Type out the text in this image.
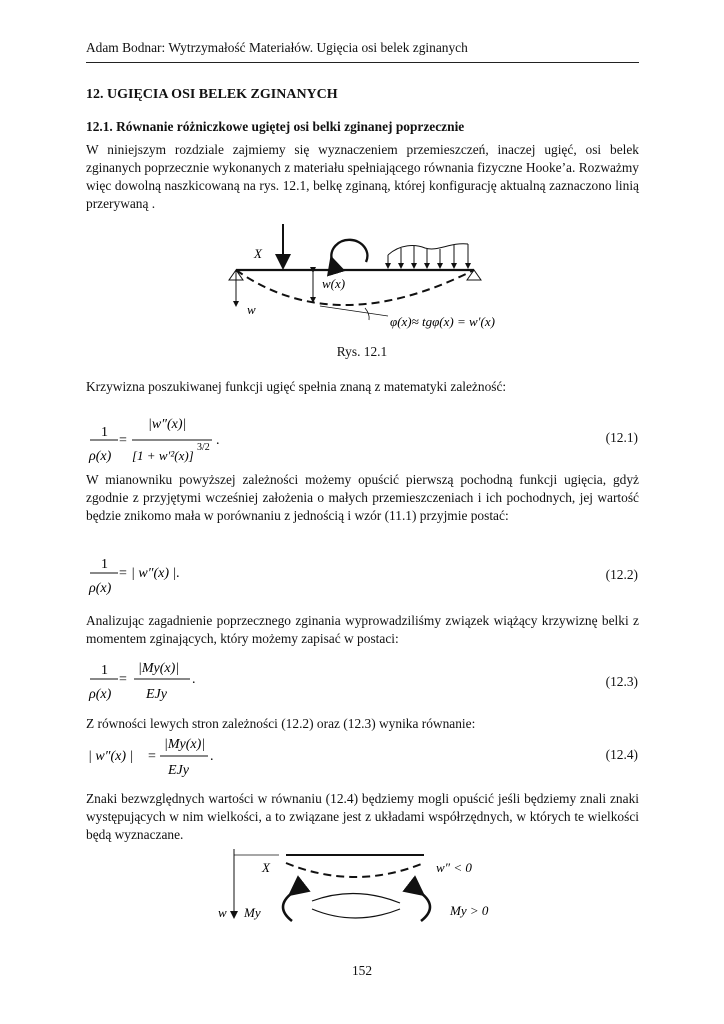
Adam Bodnar: Wytrzymałość Materiałów. Ugięcia osi belek zginanych
12. UGIĘCIA OSI BELEK ZGINANYCH
12.1. Równanie różniczkowe ugiętej osi belki zginanej poprzecznie
W niniejszym rozdziale zajmiemy się wyznaczeniem przemieszczeń, inaczej ugięć, osi belek zginanych poprzecznie wykonanych z materiału spełniającego równania fizyczne Hooke’a. Rozważmy więc dowolną naszkicowaną na rys. 12.1, belkę zginaną, której konfigurację aktualną zaznaczono linią przerywaną .
X
w
w(x)
φ(x)≈ tgφ(x) = w′(x)
Rys. 12.1
Krzywizna poszukiwanej funkcji ugięć spełnia znaną z matematyki zależność:
1
ρ(x)
=
|w″(x)|
[1 + w′²(x)]
3/2 .	(12.1)
W mianowniku powyższej zależności możemy opuścić pierwszą pochodną funkcji ugięcia, gdyż zgodnie z przyjętymi wcześniej założenia o małych przemieszczeniach i ich pochodnych, jej wartość będzie znikomo mała w porównaniu z jednością i wzór (11.1) przyjmie postać:
1
ρ(x)
= | w″(x) |.	(12.2)
Analizując zagadnienie poprzecznego zginania wyprowadziliśmy związek wiążący krzywiznę belki z momentem zginających, który możemy zapisać w postaci:
1
ρ(x)
=
|My(x)|
EJy
.	(12.3)
Z równości lewych stron zależności (12.2) oraz (12.3) wynika równanie:
| w″(x) | =
|My(x)|
EJy
.	(12.4)
Znaki bezwzględnych wartości w równaniu (12.4) będziemy mogli opuścić jeśli będziemy znali znaki występujących w nim wielkości, a to związane jest z układami współrzędnych, w których te wielkości będą wyznaczane.
X
w My
w″ < 0
My > 0
152
